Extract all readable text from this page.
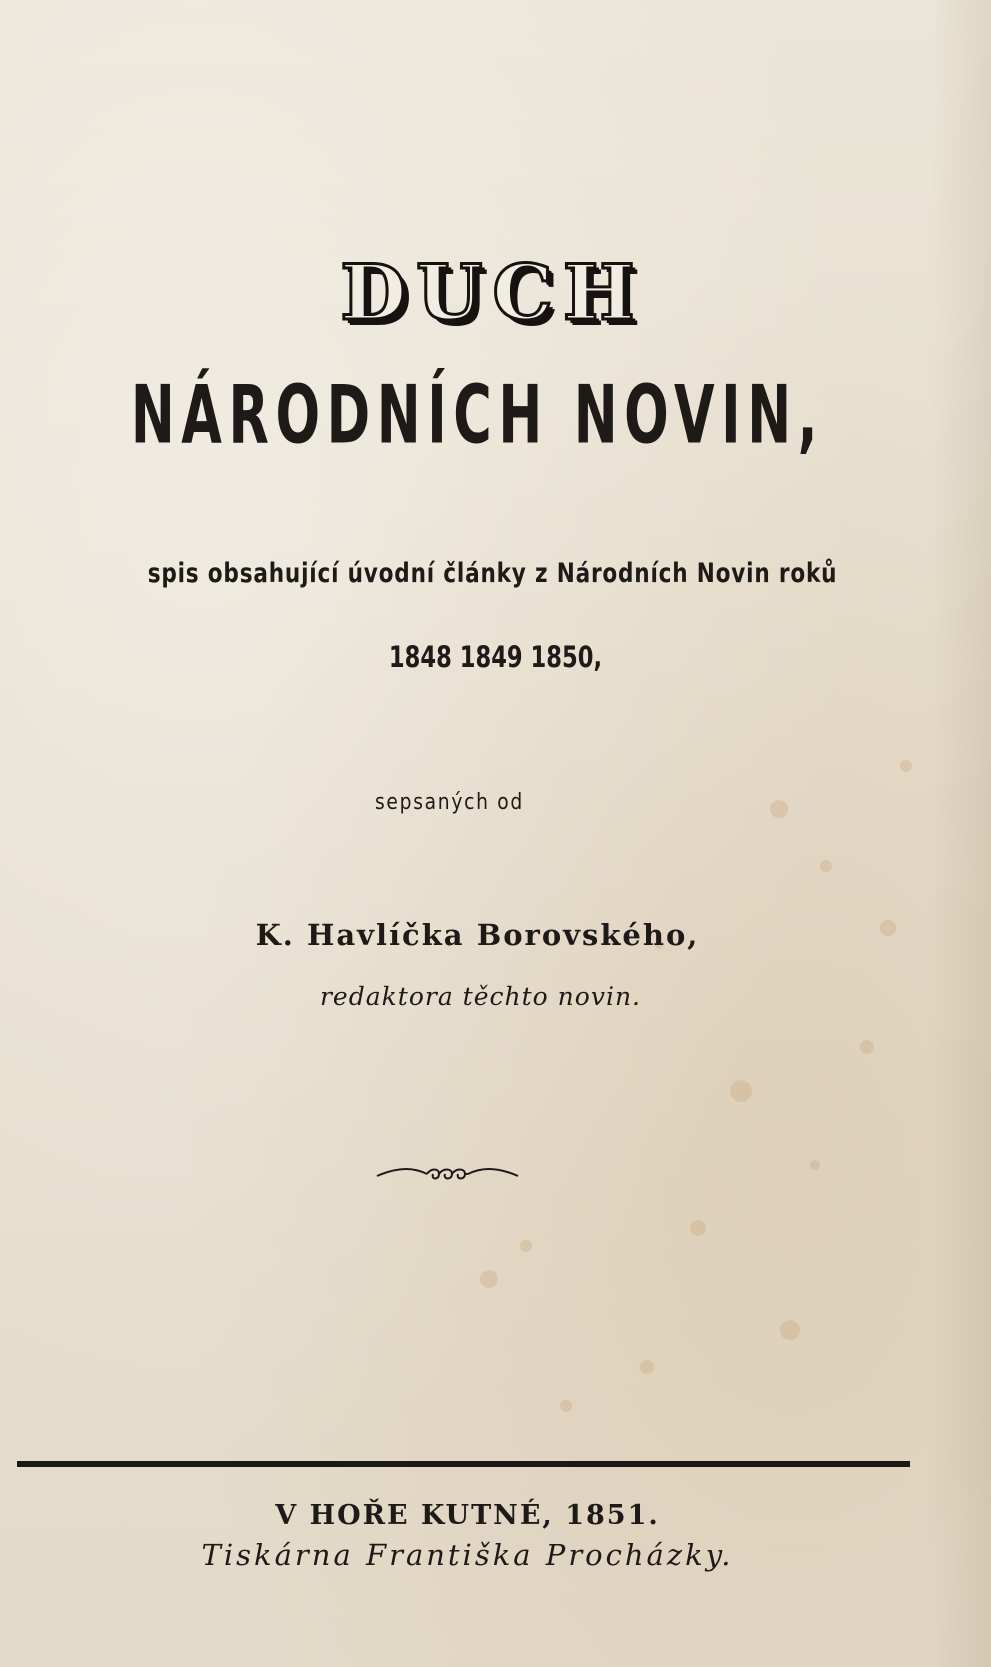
DUCH
NÁRODNÍCH NOVIN,
spis obsahující úvodní články z Národních Novin roků
1848 1849 1850,
sepsaných od
K. Havlíčka Borovského,
redaktora těchto novin.
V HOŘE KUTNÉ, 1851.
Tiskárna Františka Procházky.
